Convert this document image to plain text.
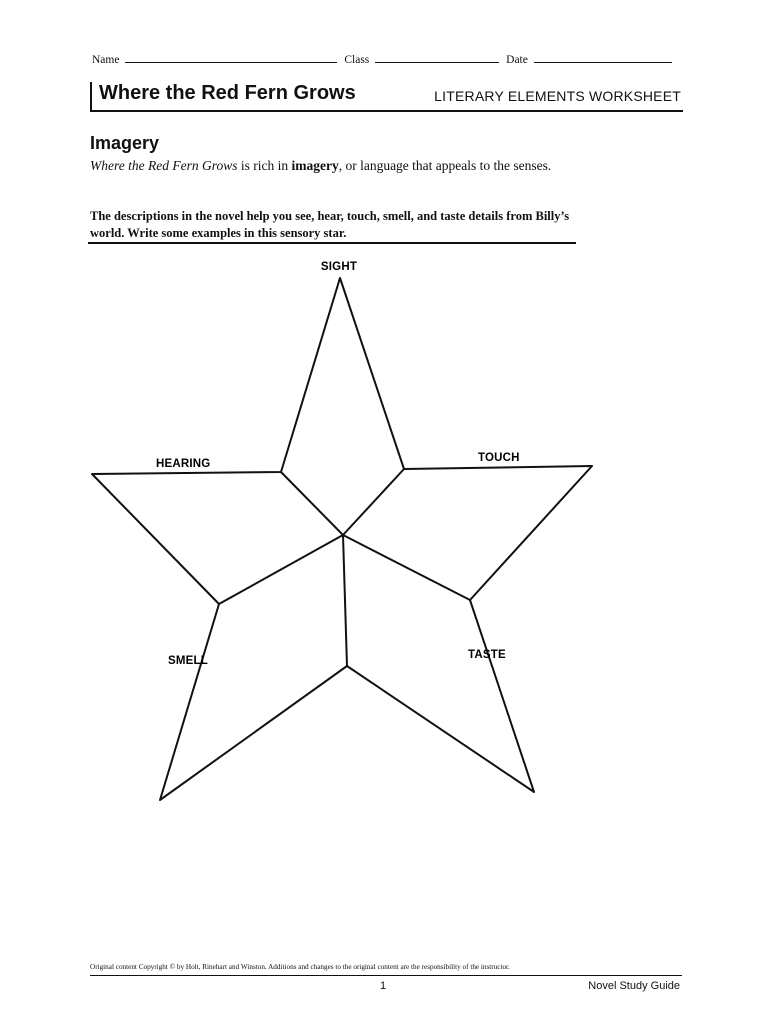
Name	Class	Date
Where the Red Fern Grows	LITERARY ELEMENTS WORKSHEET
Imagery
Where the Red Fern Grows is rich in imagery, or language that appeals to the senses.
The descriptions in the novel help you see, hear, touch, smell, and taste details from Billy’s world. Write some examples in this sensory star.
SIGHT
HEARING	TOUCH
SMELL	TASTE
Original content Copyright © by Holt, Rinehart and Winston. Additions and changes to the original content are the responsibility of the instructor.
1	Novel Study Guide
